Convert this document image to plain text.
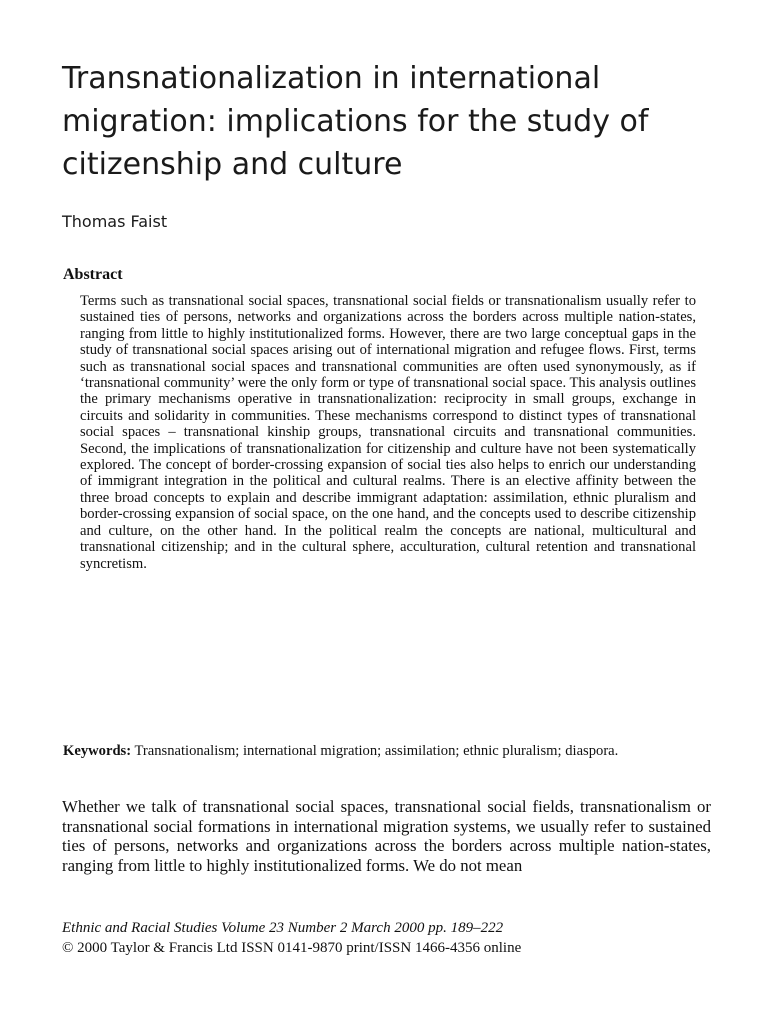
Transnationalization in international migration: implications for the study of citizenship and culture
Thomas Faist
Abstract

Terms such as transnational social spaces, transnational social fields or transnationalism usually refer to sustained ties of persons, networks and organizations across the borders across multiple nation-states, ranging from little to highly institutionalized forms. However, there are two large conceptual gaps in the study of transnational social spaces arising out of international migration and refugee flows. First, terms such as transnational social spaces and transnational communities are often used synonymously, as if ‘transnational community’ were the only form or type of transnational social space. This analysis outlines the primary mechanisms operative in transnationalization: reciprocity in small groups, exchange in circuits and solidarity in communities. These mechanisms correspond to distinct types of transnational social spaces – transnational kinship groups, transnational circuits and transnational communities. Second, the implications of transnationalization for citizenship and culture have not been systematically explored. The concept of border-crossing expansion of social ties also helps to enrich our understanding of immigrant integration in the political and cultural realms. There is an elective affinity between the three broad concepts to explain and describe immigrant adaptation: assimilation, ethnic pluralism and border-crossing expansion of social space, on the one hand, and the concepts used to describe citizenship and culture, on the other hand. In the political realm the concepts are national, multicultural and transnational citizenship; and in the cultural sphere, acculturation, cultural retention and transnational syncretism.

Keywords: Transnationalism; international migration; assimilation; ethnic pluralism; diaspora.

Whether we talk of transnational social spaces, transnational social fields, transnationalism or transnational social formations in international migration systems, we usually refer to sustained ties of persons, networks and organizations across the borders across multiple nation-states, ranging from little to highly institutionalized forms. We do not mean

Ethnic and Racial Studies Volume 23 Number 2 March 2000 pp. 189–222
© 2000 Taylor & Francis Ltd ISSN 0141-9870 print/ISSN 1466-4356 online
